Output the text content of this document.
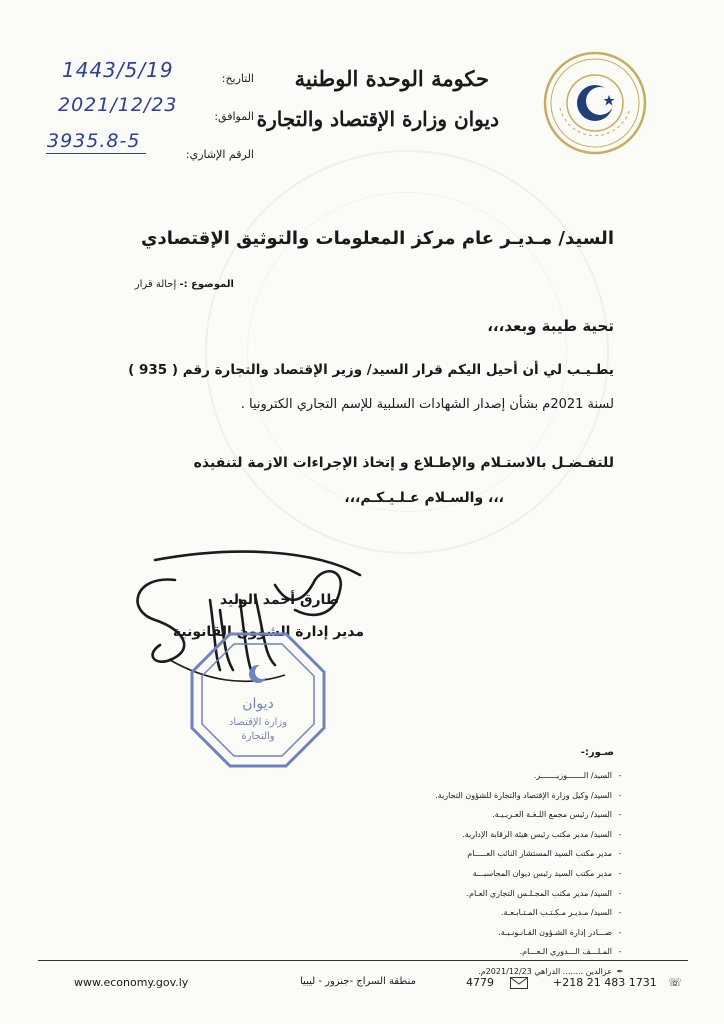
حكومة الوحدة الوطنية
ديوان وزارة الإقتصاد والتجارة
التاريخ:
1443/5/19
الموافق:
2021/12/23
الرقم الإشاري:
3935.8-5
السيد/ مـديـر عام مركز المعلومات والتوثيق الإقتصادي
الموضوع :- إحالة قرار
تحية طيبة وبعد،،،
يطـيـب لي أن أحيل اليكم قرار السيد/ وزير الإقتصاد والتجارة رقم ( 935 )
لسنة 2021م بشأن إصدار الشهادات السلبية للإسم التجاري الكترونيا .
للتفـضـل بالاستـلام والإطـلاع و إتخاذ الإجراءات الازمة لتنفيذه
،،، والسـلام عـلـيـكـم،،،
طارق أحمد الوليد
مدير إدارة الشؤون القانونية
ديوان
وزارة الإقتصاد
والتجارة
صـور:-
-
السيد/ الـــــــوزيـــــــر.
-
السيد/ وكيل وزارة الإقتصاد والتجارة للشؤون التجارية.
-
السيد/ رئيس مجمع اللـغـة العـربـيـة.
-
السيد/ مدير مكتب رئيس هيئة الرقابة الإدارية.
-
مدير مكتب السيد المستشار النائب العـــــام
-
مدير مكتب السيد رئيس ديوان المحاسبـــة
-
السيد/ مدير مكتب المجـلـس التجاري العـام.
-
السيد/ مـديـر مـكـتـب المـتـابـعـة.
-
صـــادر إدارة الشـؤون القـانـونـيـة.
-
المـلـــف الـــدوري الـعـــام.
✒
عزالدين ........ الدراهي 2021/12/23م.
www.economy.gov.ly	منطقة السراج -جنزور - ليبيا	4779	+218 21 483 1731 ☏
